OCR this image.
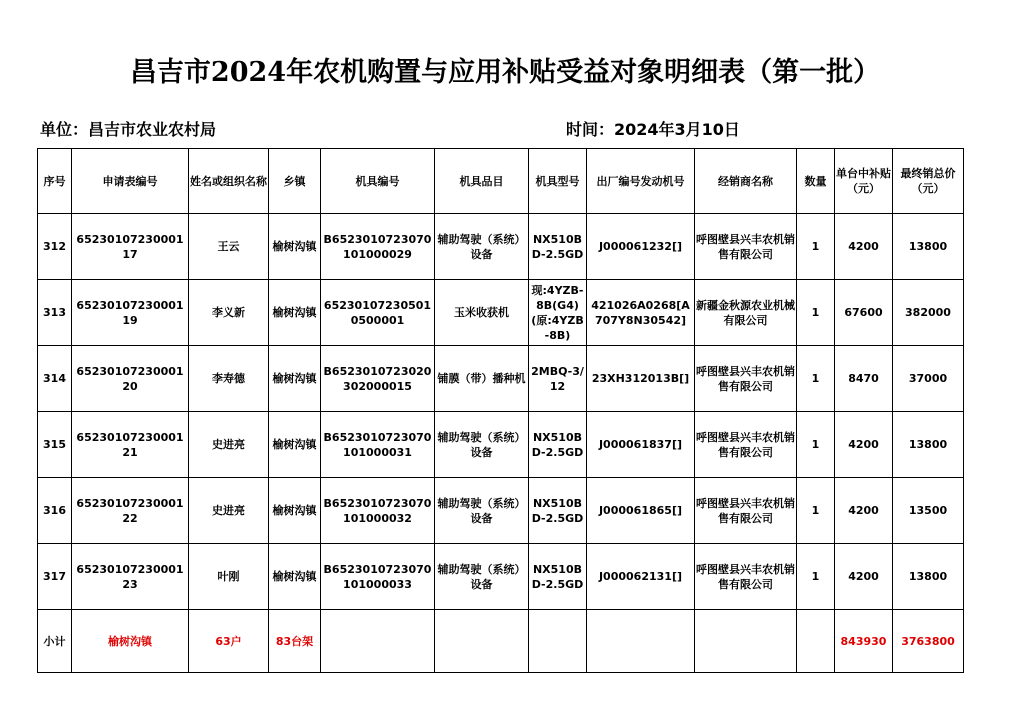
昌吉市2024年农机购置与应用补贴受益对象明细表（第一批）
单位：昌吉市农业农村局	时间：2024年3月10日
序号	申请表编号	姓名或组织名称	乡镇	机具编号	机具品目	机具型号	出厂编号发动机号	经销商名称	数量	单台中补贴（元）	最终销总价（元）
312	6523010723000117	王云	榆树沟镇	B6523010723070101000029	辅助驾驶（系统）设备	NX510BD-2.5GD	J000061232[]	呼图壁县兴丰农机销售有限公司	1	4200	13800
313	6523010723000119	李义新	榆树沟镇	652301072305010500001	玉米收获机	现:4YZB-8B(G4)(原:4YZB-8B)	421026A0268[A707Y8N30542]	新疆金秋源农业机械有限公司	1	67600	382000
314	6523010723000120	李寿德	榆树沟镇	B6523010723020302000015	铺膜（带）播种机	2MBQ-3/12	23XH312013B[]	呼图壁县兴丰农机销售有限公司	1	8470	37000
315	6523010723000121	史进亮	榆树沟镇	B6523010723070101000031	辅助驾驶（系统）设备	NX510BD-2.5GD	J000061837[]	呼图壁县兴丰农机销售有限公司	1	4200	13800
316	6523010723000122	史进亮	榆树沟镇	B6523010723070101000032	辅助驾驶（系统）设备	NX510BD-2.5GD	J000061865[]	呼图壁县兴丰农机销售有限公司	1	4200	13500
317	6523010723000123	叶刚	榆树沟镇	B6523010723070101000033	辅助驾驶（系统）设备	NX510BD-2.5GD	J000062131[]	呼图壁县兴丰农机销售有限公司	1	4200	13800
小计	榆树沟镇	63户	83台架							843930	3763800
